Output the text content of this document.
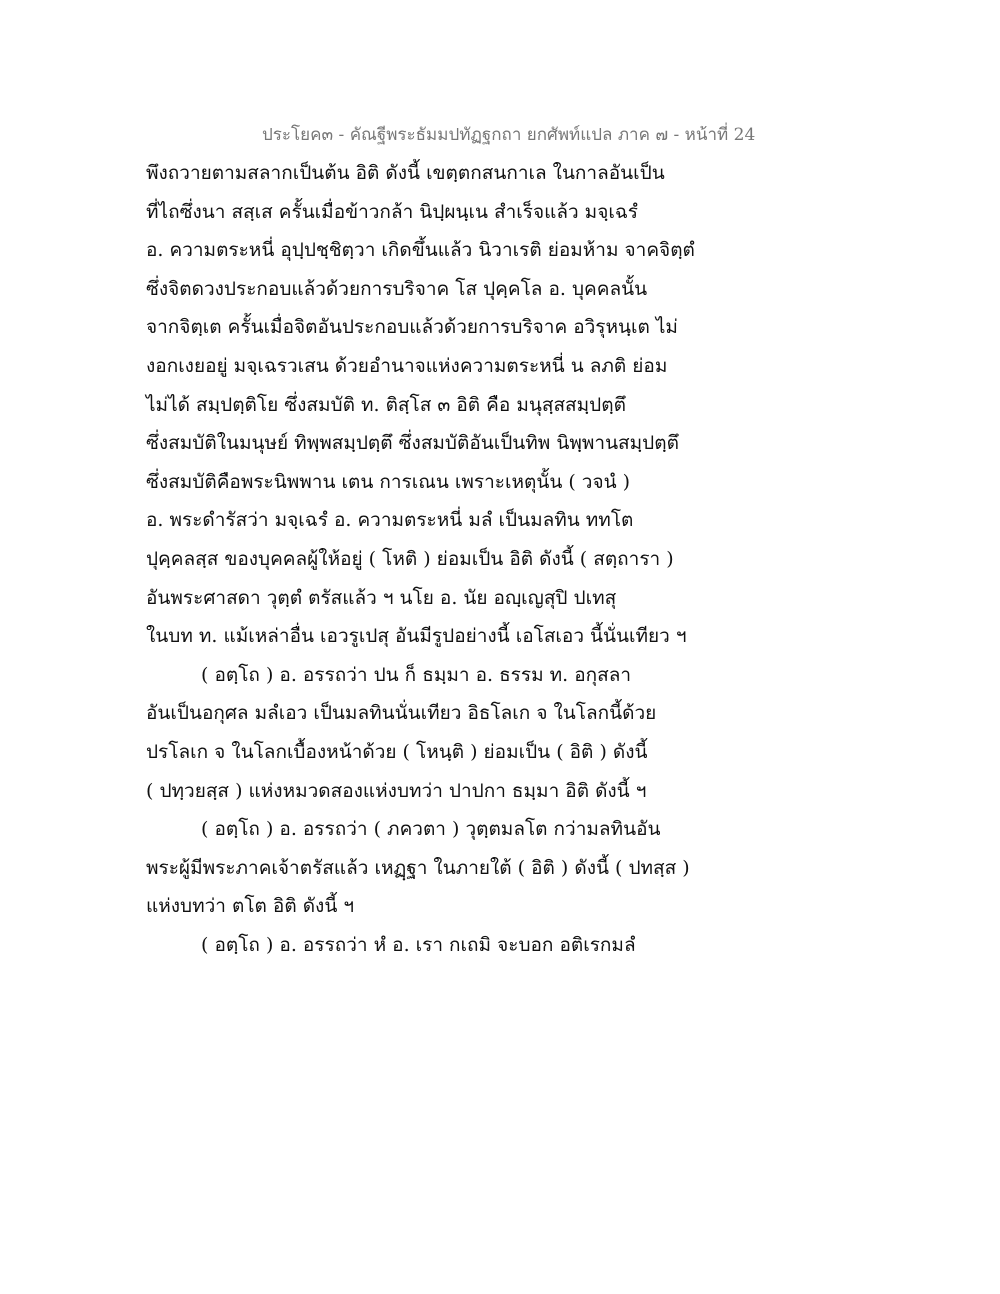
ประโยค๓ - คัณฐีพระธัมมปทัฏฐกถา ยกศัพท์แปล ภาค ๗ - หน้าที่ 24
พึงถวายตามสลากเป็นต้น อิติ ดังนี้ เขตฺตกสนกาเล ในกาลอันเป็น
ที่ไถซึ่งนา สสฺเส ครั้นเมื่อข้าวกล้า นิปฺผนฺเน สำเร็จแล้ว มจฺเฉรํ
อ. ความตระหนี่ อุปฺปชฺชิตฺวา เกิดขึ้นแล้ว นิวาเรติ ย่อมห้าม จาคจิตฺตํ
ซึ่งจิตดวงประกอบแล้วด้วยการบริจาค โส ปุคฺคโล อ. บุคคลนั้น
จากจิตฺเต ครั้นเมื่อจิตอันประกอบแล้วด้วยการบริจาค อวิรุหนฺเต ไม่
งอกเงยอยู่ มจฺเฉรวเสน ด้วยอำนาจแห่งความตระหนี่ น ลภติ ย่อม
ไม่ได้ สมฺปตฺติโย ซึ่งสมบัติ ท. ติสฺโส ๓ อิติ คือ มนุสฺสสมฺปตฺตึ
ซึ่งสมบัติในมนุษย์ ทิพฺพสมฺปตฺตึ ซึ่งสมบัติอันเป็นทิพ นิพฺพานสมฺปตฺตึ
ซึ่งสมบัติคือพระนิพพาน เตน การเณน เพราะเหตุนั้น ( วจนํ )
อ. พระดำรัสว่า มจฺเฉรํ อ. ความตระหนี่ มลํ เป็นมลทิน ททโต
ปุคฺคลสฺส ของบุคคลผู้ให้อยู่ ( โหติ ) ย่อมเป็น อิติ ดังนี้ ( สตฺถารา )
อันพระศาสดา วุตฺตํ ตรัสแล้ว ฯ นโย อ. นัย อญฺเญสุปิ ปเทสุ
ในบท ท. แม้เหล่าอื่น เอวรูเปสุ อันมีรูปอย่างนี้ เอโสเอว นี้นั่นเทียว ฯ
( อตฺโถ ) อ. อรรถว่า ปน ก็ ธมฺมา อ. ธรรม ท. อกุสลา
อันเป็นอกุศล มลํเอว เป็นมลทินนั่นเทียว อิธโลเก จ ในโลกนี้ด้วย
ปรโลเก จ ในโลกเบื้องหน้าด้วย ( โหนฺติ ) ย่อมเป็น ( อิติ ) ดังนี้
( ปทฺวยสฺส ) แห่งหมวดสองแห่งบทว่า ปาปกา ธมฺมา อิติ ดังนี้ ฯ
( อตฺโถ ) อ. อรรถว่า ( ภควตา ) วุตฺตมลโต กว่ามลทินอัน
พระผู้มีพระภาคเจ้าตรัสแล้ว เหฏฺฐา ในภายใต้ ( อิติ ) ดังนี้ ( ปทสฺส )
แห่งบทว่า ตโต อิติ ดังนี้ ฯ
( อตฺโถ ) อ. อรรถว่า หํ อ. เรา กเถมิ จะบอก อติเรกมลํ
